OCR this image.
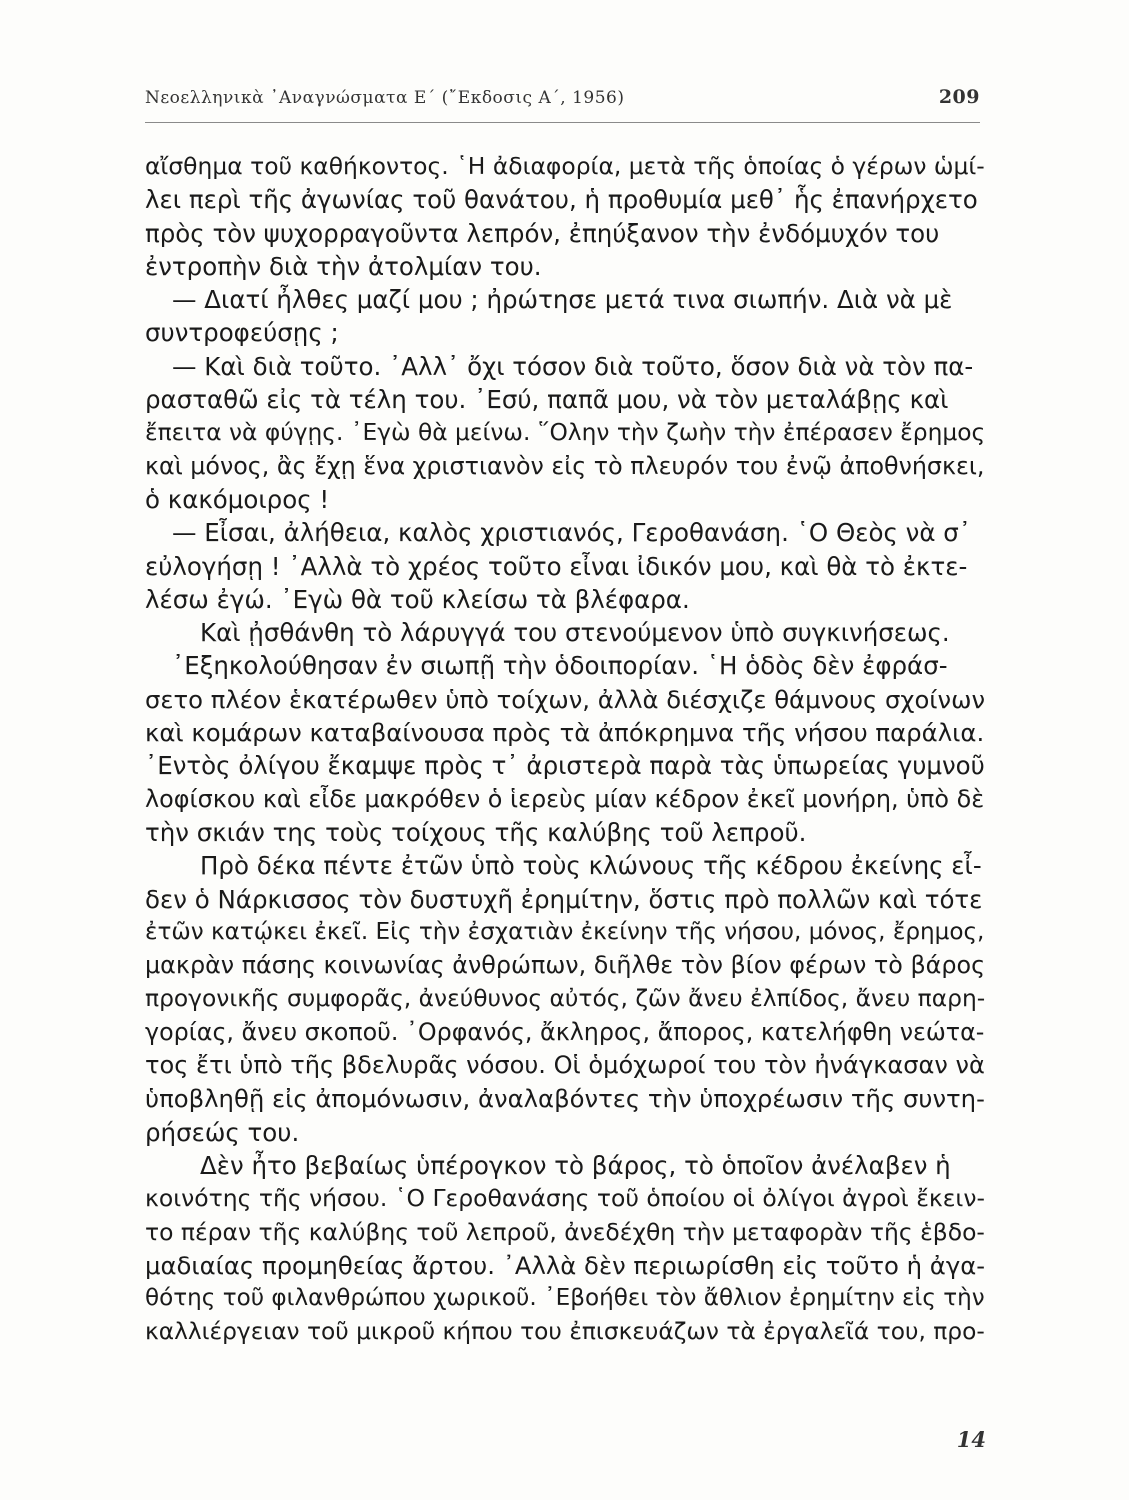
Νεοελληνικὰ ᾿Αναγνώσματα Ε΄ (῎Εκδοσις Α΄, 1956)	209
αἴσθημα τοῦ καθήκοντος. ῾Η ἀδιαφορία, μετὰ τῆς ὁποίας ὁ γέρων ὡμί-
λει περὶ τῆς ἀγωνίας τοῦ θανάτου, ἡ προθυμία μεθ᾿ ἧς ἐπανήρχετο
πρὸς τὸν ψυχορραγοῦντα λεπρόν, ἐπηύξανον τὴν ἐνδόμυχόν του
ἐντροπὴν διὰ τὴν ἀτολμίαν του.
— Διατί ἦλθες μαζί μου ; ἠρώτησε μετά τινα σιωπήν. Διὰ νὰ μὲ
συντροφεύσῃς ;
— Καὶ διὰ τοῦτο. ᾿Αλλ᾿ ὄχι τόσον διὰ τοῦτο, ὅσον διὰ νὰ τὸν πα-
ρασταθῶ εἰς τὰ τέλη του. ᾿Εσύ, παπᾶ μου, νὰ τὸν μεταλάβῃς καὶ
ἔπειτα νὰ φύγῃς. ᾿Εγὼ θὰ μείνω. ῞Ολην τὴν ζωὴν τὴν ἐπέρασεν ἔρημος
καὶ μόνος, ἂς ἔχῃ ἕνα χριστιανὸν εἰς τὸ πλευρόν του ἐνῷ ἀποθνήσκει,
ὁ κακόμοιρος !
— Εἶσαι, ἀλήθεια, καλὸς χριστιανός, Γεροθανάση. ῾Ο Θεὸς νὰ σ᾿
εὐλογήσῃ ! ᾿Αλλὰ τὸ χρέος τοῦτο εἶναι ἰδικόν μου, καὶ θὰ τὸ ἐκτε-
λέσω ἐγώ. ᾿Εγὼ θὰ τοῦ κλείσω τὰ βλέφαρα.
Καὶ ᾐσθάνθη τὸ λάρυγγά του στενούμενον ὑπὸ συγκινήσεως.
᾿Εξηκολούθησαν ἐν σιωπῇ τὴν ὁδοιπορίαν. ῾Η ὁδὸς δὲν ἐφράσ-
σετο πλέον ἑκατέρωθεν ὑπὸ τοίχων, ἀλλὰ διέσχιζε θάμνους σχοίνων
καὶ κομάρων καταβαίνουσα πρὸς τὰ ἀπόκρημνα τῆς νήσου παράλια.
᾿Εντὸς ὀλίγου ἔκαμψε πρὸς τ᾿ ἀριστερὰ παρὰ τὰς ὑπωρείας γυμνοῦ
λοφίσκου καὶ εἶδε μακρόθεν ὁ ἱερεὺς μίαν κέδρον ἐκεῖ μονήρη, ὑπὸ δὲ
τὴν σκιάν της τοὺς τοίχους τῆς καλύβης τοῦ λεπροῦ.
Πρὸ δέκα πέντε ἐτῶν ὑπὸ τοὺς κλώνους τῆς κέδρου ἐκείνης εἶ-
δεν ὁ Νάρκισσος τὸν δυστυχῆ ἐρημίτην, ὅστις πρὸ πολλῶν καὶ τότε
ἐτῶν κατῴκει ἐκεῖ. Εἰς τὴν ἐσχατιὰν ἐκείνην τῆς νήσου, μόνος, ἔρημος,
μακρὰν πάσης κοινωνίας ἀνθρώπων, διῆλθε τὸν βίον φέρων τὸ βάρος
προγονικῆς συμφορᾶς, ἀνεύθυνος αὐτός, ζῶν ἄνευ ἐλπίδος, ἄνευ παρη-
γορίας, ἄνευ σκοποῦ. ᾿Ορφανός, ἄκληρος, ἄπορος, κατελήφθη νεώτα-
τος ἔτι ὑπὸ τῆς βδελυρᾶς νόσου. Οἱ ὁμόχωροί του τὸν ἠνάγκασαν νὰ
ὑποβληθῇ εἰς ἀπομόνωσιν, ἀναλαβόντες τὴν ὑποχρέωσιν τῆς συντη-
ρήσεώς του.
Δὲν ἦτο βεβαίως ὑπέρογκον τὸ βάρος, τὸ ὁποῖον ἀνέλαβεν ἡ
κοινότης τῆς νήσου. ῾Ο Γεροθανάσης τοῦ ὁποίου οἱ ὀλίγοι ἀγροὶ ἔκειν-
το πέραν τῆς καλύβης τοῦ λεπροῦ, ἀνεδέχθη τὴν μεταφορὰν τῆς ἑβδο-
μαδιαίας προμηθείας ἄρτου. ᾿Αλλὰ δὲν περιωρίσθη εἰς τοῦτο ἡ ἀγα-
θότης τοῦ φιλανθρώπου χωρικοῦ. ᾿Εβοήθει τὸν ἄθλιον ἐρημίτην εἰς τὴν
καλλιέργειαν τοῦ μικροῦ κήπου του ἐπισκευάζων τὰ ἐργαλεῖά του, προ-
14
